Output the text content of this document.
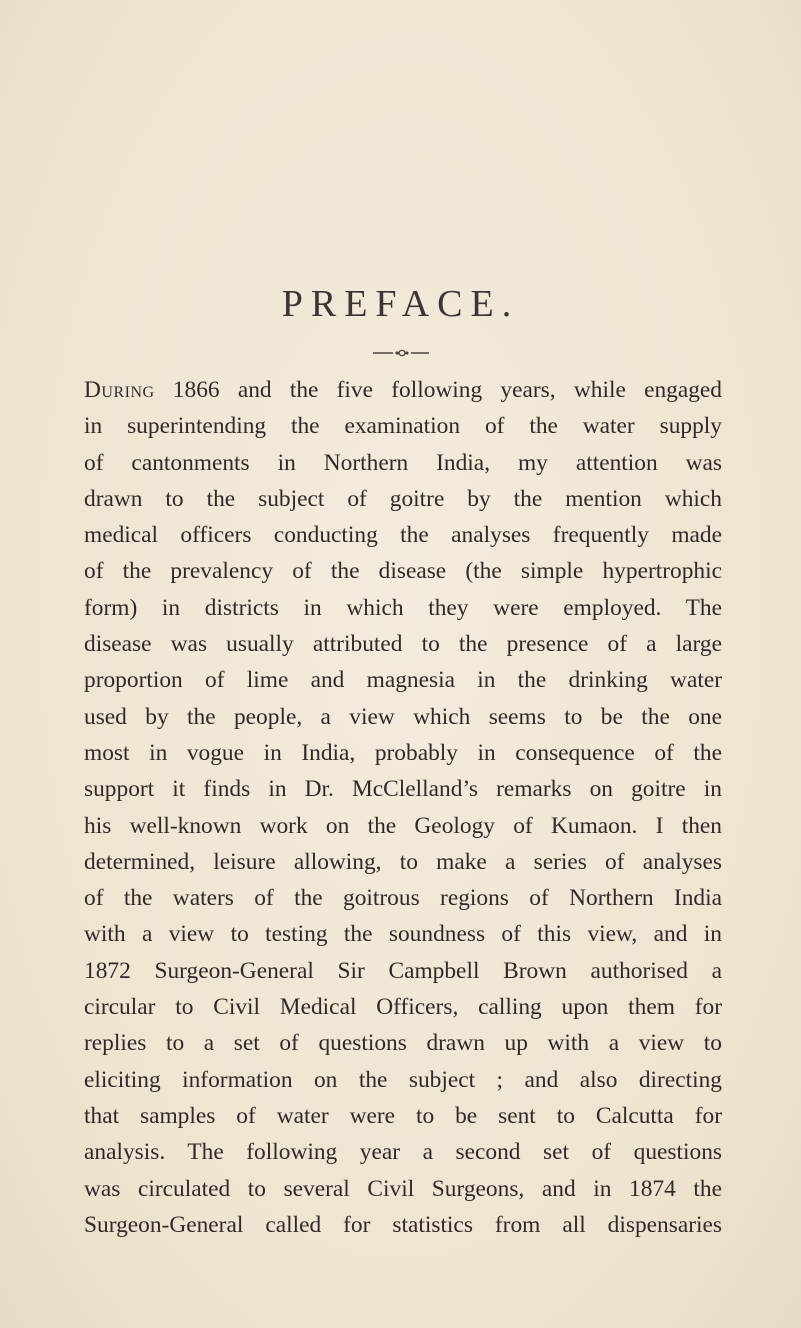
PREFACE.
During 1866 and the five following years, while engaged
in superintending the examination of the water supply
of cantonments in Northern India, my attention was
drawn to the subject of goitre by the mention which
medical officers conducting the analyses frequently made
of the prevalency of the disease (the simple hypertrophic
form) in districts in which they were employed. The
disease was usually attributed to the presence of a large
proportion of lime and magnesia in the drinking water
used by the people, a view which seems to be the one
most in vogue in India, probably in consequence of the
support it finds in Dr. McClelland’s remarks on goitre in
his well-known work on the Geology of Kumaon. I then
determined, leisure allowing, to make a series of analyses
of the waters of the goitrous regions of Northern India
with a view to testing the soundness of this view, and in
1872 Surgeon-General Sir Campbell Brown authorised a
circular to Civil Medical Officers, calling upon them for
replies to a set of questions drawn up with a view to
eliciting information on the subject ; and also directing
that samples of water were to be sent to Calcutta for
analysis. The following year a second set of questions
was circulated to several Civil Surgeons, and in 1874 the
Surgeon-General called for statistics from all dispensaries
